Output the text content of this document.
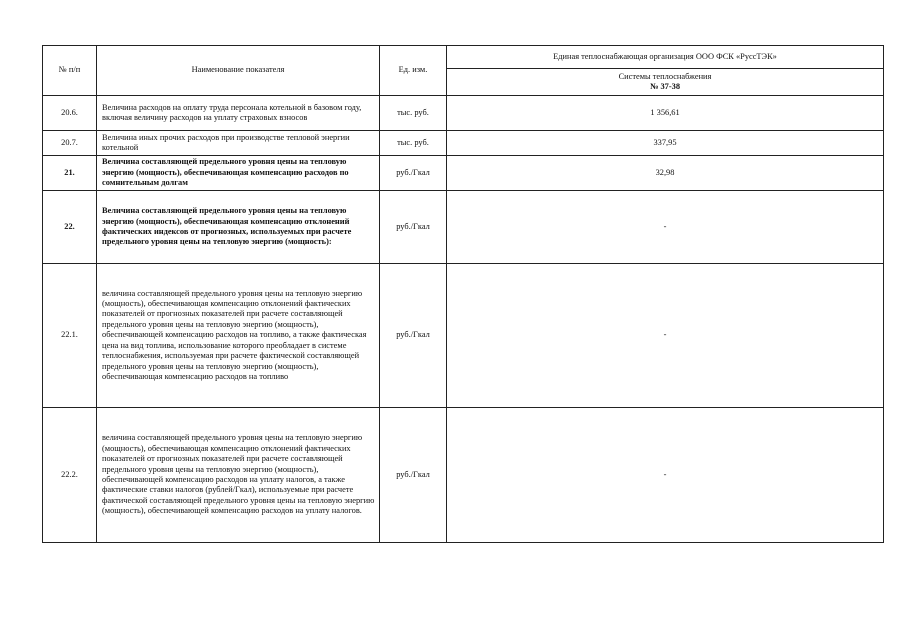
№ п/п	Наименование показателя	Ед. изм.	Единая теплоснабжающая организация ООО ФСК «РуссТЭК»

			Системы теплоснабжения
№ 37-38

20.6.	Величина расходов на оплату труда персонала котельной в базовом году, включая величину расходов на уплату страховых взносов	тыс. руб.	1 356,61
20.7.	Величина иных прочих расходов при производстве тепловой энергии котельной	тыс. руб.	337,95
21.	Величина составляющей предельного уровня цены на тепловую энергию (мощность), обеспечивающая компенсацию расходов по сомнительным долгам	руб./Гкал	32,98
22.	Величина составляющей предельного уровня цены на тепловую энергию (мощность), обеспечивающая компенсацию отклонений фактических индексов от прогнозных, используемых при расчете предельного уровня цены на тепловую энергию (мощность):	руб./Гкал	-
22.1.	величина составляющей предельного уровня цены на тепловую энергию (мощность), обеспечивающая компенсацию отклонений фактических показателей от прогнозных показателей при расчете составляющей предельного уровня цены на тепловую энергию (мощность), обеспечивающей компенсацию расходов на топливо, а также фактическая цена на вид топлива, использование которого преобладает в системе теплоснабжения, используемая при расчете фактической составляющей предельного уровня цены на тепловую энергию (мощность), обеспечивающая компенсацию расходов на топливо	руб./Гкал	-
22.2.	величина составляющей предельного уровня цены на тепловую энергию (мощность), обеспечивающая компенсацию отклонений фактических показателей от прогнозных показателей при расчете составляющей предельного уровня цены на тепловую энергию (мощность), обеспечивающей компенсацию расходов на уплату налогов, а также фактические ставки налогов (рублей/Гкал), используемые при расчете фактической составляющей предельного уровня цены на тепловую энергию (мощность), обеспечивающей компенсацию расходов на уплату налогов.	руб./Гкал	-
